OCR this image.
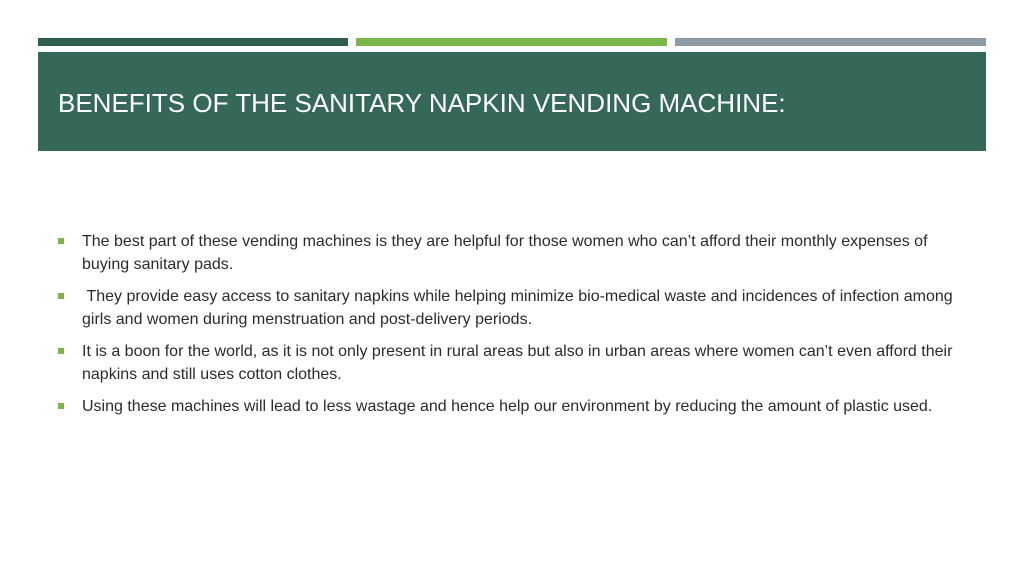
BENEFITS OF THE SANITARY NAPKIN VENDING MACHINE:
The best part of these vending machines is they are helpful for those women who can’t afford their monthly expenses of buying sanitary pads.
They provide easy access to sanitary napkins while helping minimize bio-medical waste and incidences of infection among girls and women during menstruation and post-delivery periods.
It is a boon for the world, as it is not only present in rural areas but also in urban areas where women can’t even afford their napkins and still uses cotton clothes.
Using these machines will lead to less wastage and hence help our environment by reducing the amount of plastic used.
